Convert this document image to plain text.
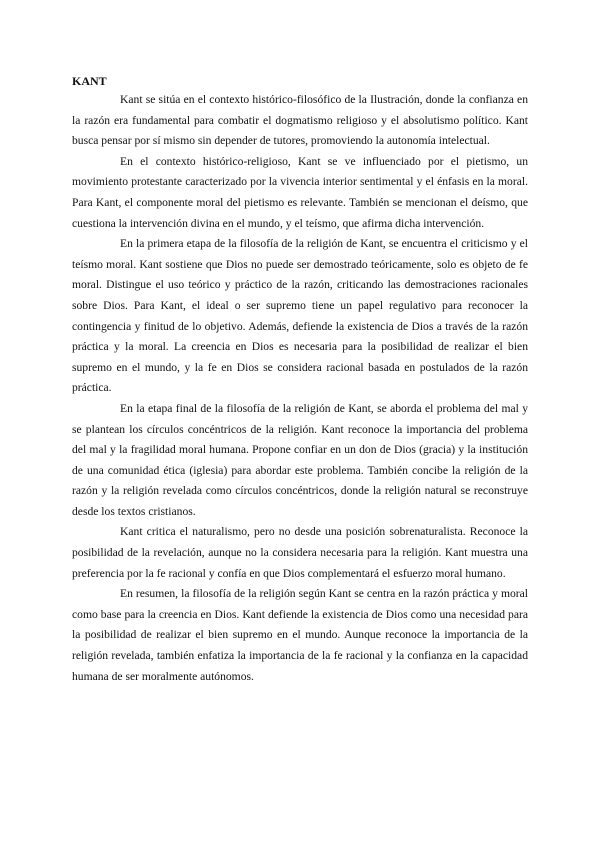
KANT

Kant se sitúa en el contexto histórico-filosófico de la Ilustración, donde la confianza en la razón era fundamental para combatir el dogmatismo religioso y el absolutismo político. Kant busca pensar por sí mismo sin depender de tutores, promoviendo la autonomía intelectual.

En el contexto histórico-religioso, Kant se ve influenciado por el pietismo, un movimiento protestante caracterizado por la vivencia interior sentimental y el énfasis en la moral. Para Kant, el componente moral del pietismo es relevante. También se mencionan el deísmo, que cuestiona la intervención divina en el mundo, y el teísmo, que afirma dicha intervención.

En la primera etapa de la filosofía de la religión de Kant, se encuentra el criticismo y el teísmo moral. Kant sostiene que Dios no puede ser demostrado teóricamente, solo es objeto de fe moral. Distingue el uso teórico y práctico de la razón, criticando las demostraciones racionales sobre Dios. Para Kant, el ideal o ser supremo tiene un papel regulativo para reconocer la contingencia y finitud de lo objetivo. Además, defiende la existencia de Dios a través de la razón práctica y la moral. La creencia en Dios es necesaria para la posibilidad de realizar el bien supremo en el mundo, y la fe en Dios se considera racional basada en postulados de la razón práctica.

En la etapa final de la filosofía de la religión de Kant, se aborda el problema del mal y se plantean los círculos concéntricos de la religión. Kant reconoce la importancia del problema del mal y la fragilidad moral humana. Propone confiar en un don de Dios (gracia) y la institución de una comunidad ética (iglesia) para abordar este problema. También concibe la religión de la razón y la religión revelada como círculos concéntricos, donde la religión natural se reconstruye desde los textos cristianos.

Kant critica el naturalismo, pero no desde una posición sobrenaturalista. Reconoce la posibilidad de la revelación, aunque no la considera necesaria para la religión. Kant muestra una preferencia por la fe racional y confía en que Dios complementará el esfuerzo moral humano.

En resumen, la filosofía de la religión según Kant se centra en la razón práctica y moral como base para la creencia en Dios. Kant defiende la existencia de Dios como una necesidad para la posibilidad de realizar el bien supremo en el mundo. Aunque reconoce la importancia de la religión revelada, también enfatiza la importancia de la fe racional y la confianza en la capacidad humana de ser moralmente autónomos.
